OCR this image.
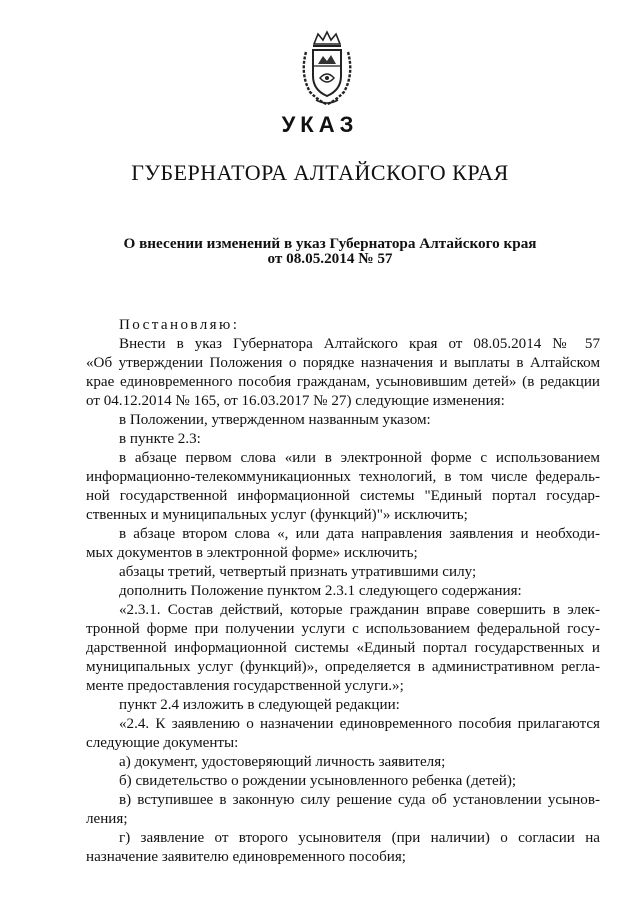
УКАЗ
ГУБЕРНАТОРА АЛТАЙСКОГО КРАЯ
О внесении изменений в указ Губернатора Алтайского края
от 08.05.2014 № 57
Постановляю:
Внести в указ Губернатора Алтайского края от 08.05.2014 № 57
«Об утверждении Положения о порядке назначения и выплаты в Алтайском
крае единовременного пособия гражданам, усыновившим детей» (в редакции
от 04.12.2014 № 165, от 16.03.2017 № 27) следующие изменения:
в Положении, утвержденном названным указом:
в пункте 2.3:
в абзаце первом слова «или в электронной форме с использованием
информационно-телекоммуникационных технологий, в том числе федераль-
ной государственной информационной системы "Единый портал государ-
ственных и муниципальных услуг (функций)"» исключить;
в абзаце втором слова «, или дата направления заявления и необходи-
мых документов в электронной форме» исключить;
абзацы третий, четвертый признать утратившими силу;
дополнить Положение пунктом 2.3.1 следующего содержания:
«2.3.1. Состав действий, которые гражданин вправе совершить в элек-
тронной форме при получении услуги с использованием федеральной госу-
дарственной информационной системы «Единый портал государственных и
муниципальных услуг (функций)», определяется в административном регла-
менте предоставления государственной услуги.»;
пункт 2.4 изложить в следующей редакции:
«2.4. К заявлению о назначении единовременного пособия прилагаются
следующие документы:
а) документ, удостоверяющий личность заявителя;
б) свидетельство о рождении усыновленного ребенка (детей);
в) вступившее в законную силу решение суда об установлении усынов-
ления;
г) заявление от второго усыновителя (при наличии) о согласии на
назначение заявителю единовременного пособия;
